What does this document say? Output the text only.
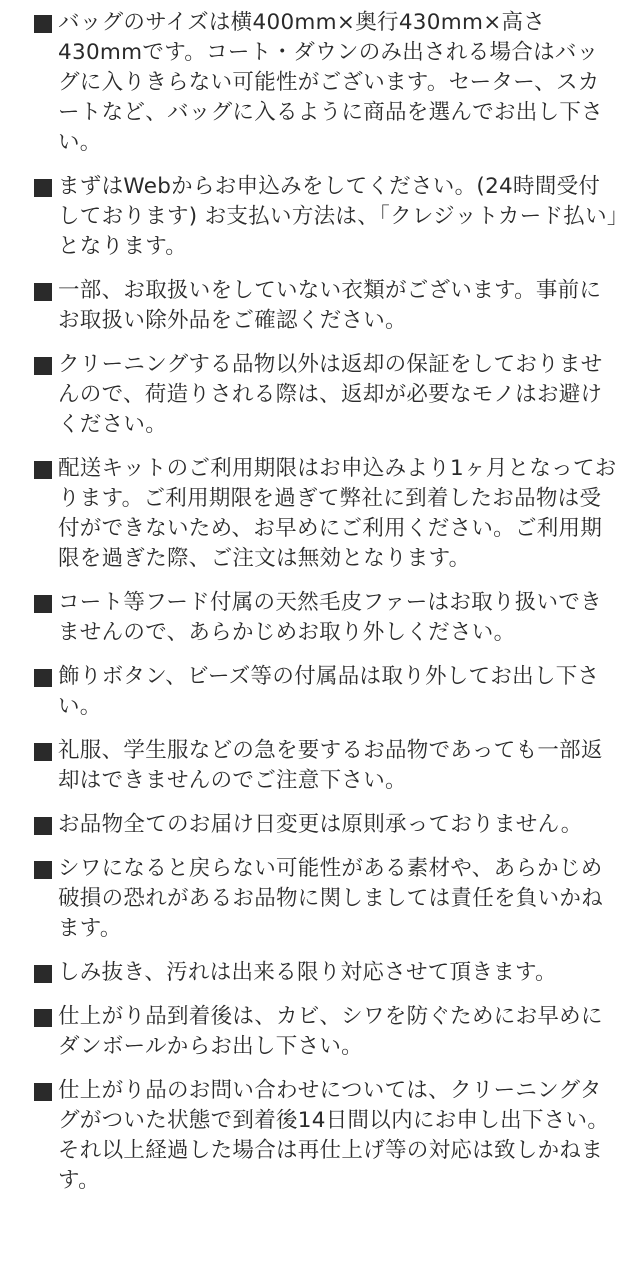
バッグのサイズは横400mm×奥行430mm×高さ430mmです。コート・ダウンのみ出される場合はバッグに入りきらない可能性がございます。セーター、スカートなど、バッグに入るように商品を選んでお出し下さい。
まずはWebからお申込みをしてください。(24時間受付しております) お支払い方法は、「クレジットカード払い」となります。
一部、お取扱いをしていない衣類がございます。事前にお取扱い除外品をご確認ください。
クリーニングする品物以外は返却の保証をしておりませんので、荷造りされる際は、返却が必要なモノはお避けください。
配送キットのご利用期限はお申込みより1ヶ月となっております。ご利用期限を過ぎて弊社に到着したお品物は受付ができないため、お早めにご利用ください。ご利用期限を過ぎた際、ご注文は無効となります。
コート等フード付属の天然毛皮ファーはお取り扱いできませんので、あらかじめお取り外しください。
飾りボタン、ビーズ等の付属品は取り外してお出し下さい。
礼服、学生服などの急を要するお品物であっても一部返却はできませんのでご注意下さい。
お品物全てのお届け日変更は原則承っておりません。
シワになると戻らない可能性がある素材や、あらかじめ破損の恐れがあるお品物に関しましては責任を負いかねます。
しみ抜き、汚れは出来る限り対応させて頂きます。
仕上がり品到着後は、カビ、シワを防ぐためにお早めにダンボールからお出し下さい。
仕上がり品のお問い合わせについては、クリーニングタグがついた状態で到着後14日間以内にお申し出下さい。それ以上経過した場合は再仕上げ等の対応は致しかねます。
